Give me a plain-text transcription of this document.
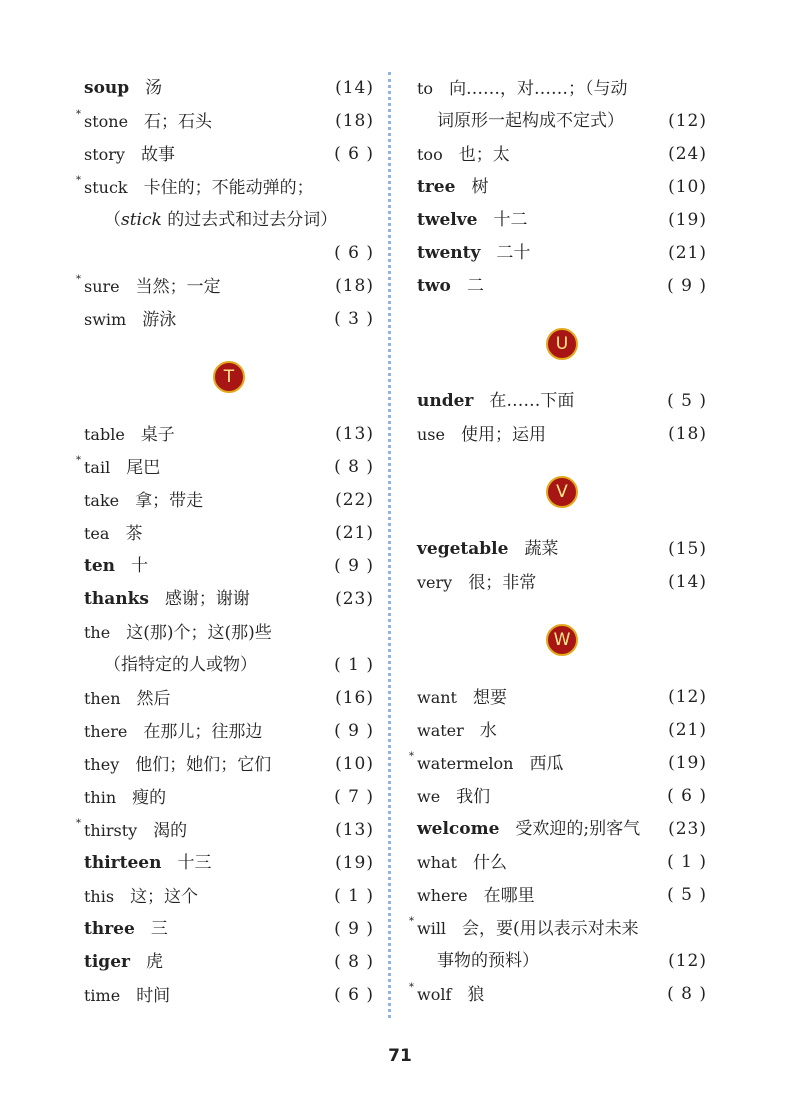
soup 汤	(14)
* stone 石；石头	(18)
story 故事	( 6 )
* stuck 卡住的；不能动弹的；
（stick 的过去式和过去分词）
( 6 )
* sure 当然；一定	(18)
swim 游泳	( 3 )
T
table 桌子	(13)
* tail 尾巴	( 8 )
take 拿；带走	(22)
tea 茶	(21)
ten 十	( 9 )
thanks 感谢；谢谢	(23)
the 这(那)个；这(那)些
（指特定的人或物）	( 1 )
then 然后	(16)
there 在那儿；往那边	( 9 )
they 他们；她们；它们	(10)
thin 瘦的	( 7 )
* thirsty 渴的	(13)
thirteen 十三	(19)
this 这；这个	( 1 )
three 三	( 9 )
tiger 虎	( 8 )
time 时间	( 6 )
to 向……，对……；（与动
词原形一起构成不定式）	(12)
too 也；太	(24)
tree 树	(10)
twelve 十二	(19)
twenty 二十	(21)
two 二	( 9 )
U
under 在……下面	( 5 )
use 使用；运用	(18)
V
vegetable 蔬菜	(15)
very 很；非常	(14)
W
want 想要	(12)
water 水	(21)
* watermelon 西瓜	(19)
we 我们	( 6 )
welcome 受欢迎的;别客气 (23)
what 什么	( 1 )
where 在哪里	( 5 )
* will 会，要(用以表示对未来
事物的预料）	(12)
* wolf 狼	( 8 )
71
